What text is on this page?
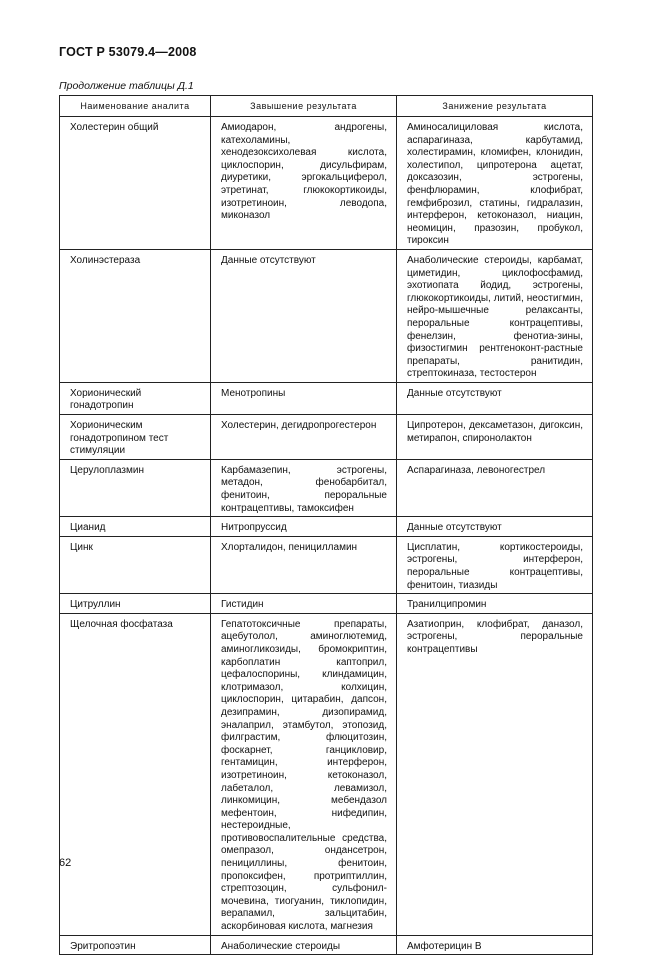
ГОСТ Р 53079.4—2008
Продолжение таблицы Д.1
Наименование аналита	Завышение результата	Занижение результата

Холестерин общий	Амиодарон, андрогены, катехоламины, хенодезоксихолевая кислота, циклоспорин, дисульфирам, диуретики, эргокальциферол, этретинат, глюкокортикоиды, изотретиноин, леводопа, миконазол	Аминосалициловая кислота, аспарагиназа, карбутамид, холестирамин, кломифен, клонидин, холестипол, ципротерона ацетат, доксазозин, эстрогены, фенфлюрамин, клофибрат, гемфиброзил, статины, гидралазин, интерферон, кетоконазол, ниацин, неомицин, празозин, пробукол, тироксин

Холинэстераза	Данные отсутствуют	Анаболические стероиды, карбамат, циметидин, циклофосфамид, эхотиопата йодид, эстрогены, глюкокортикоиды, литий, неостигмин, нейро-мышечные релаксанты, пероральные контрацептивы, фенелзин, фенотиа-зины, физостигмин рентгеноконт-растные препараты, ранитидин, стрептокиназа, тестостерон

Хорионический гонадотропин	Менотропины	Данные отсутствуют

Хорионическим гонадотропином тест стимуляции	Холестерин, дегидропрогестерон	Ципротерон, дексаметазон, дигоксин, метирапон, спиронолактон

Церулоплазмин	Карбамазепин, эстрогены, метадон, фенобарбитал, фенитоин, пероральные контрацептивы, тамоксифен	Аспарагиназа, левоногестрел

Цианид	Нитропруссид	Данные отсутствуют

Цинк	Хлорталидон, пеницилламин	Цисплатин, кортикостероиды, эстрогены, интерферон, пероральные контрацептивы, фенитоин, тиазиды

Цитруллин	Гистидин	Транилципромин

Щелочная фосфатаза	Гепатотоксичные препараты, ацебутолол, аминоглютемид, аминогликозиды, бромокриптин, карбоплатин каптоприл, цефалоспорины, клиндамицин, клотримазол, колхицин, циклоспорин, цитарабин, дапсон, дезипрамин, дизопирамид, эналаприл, этамбутол, этопозид, филграстим, флюцитозин, фоскарнет, ганцикловир, гентамицин, интерферон, изотретиноин, кетоконазол, лабеталол, левамизол, линкомицин, мебендазол мефентоин, нифедипин, нестероидные, противовоспалительные средства, омепразол, ондансетрон, пенициллины, фенитоин, пропоксифен, протриптиллин, стрептозоцин, сульфонил-мочевина, тиогуанин, тиклопидин, верапамил, зальцитабин, аскорбиновая кислота, магнезия	Азатиоприн, клофибрат, даназол, эстрогены, пероральные контрацептивы

Эритропоэтин	Анаболические стероиды	Амфотерицин В
62
